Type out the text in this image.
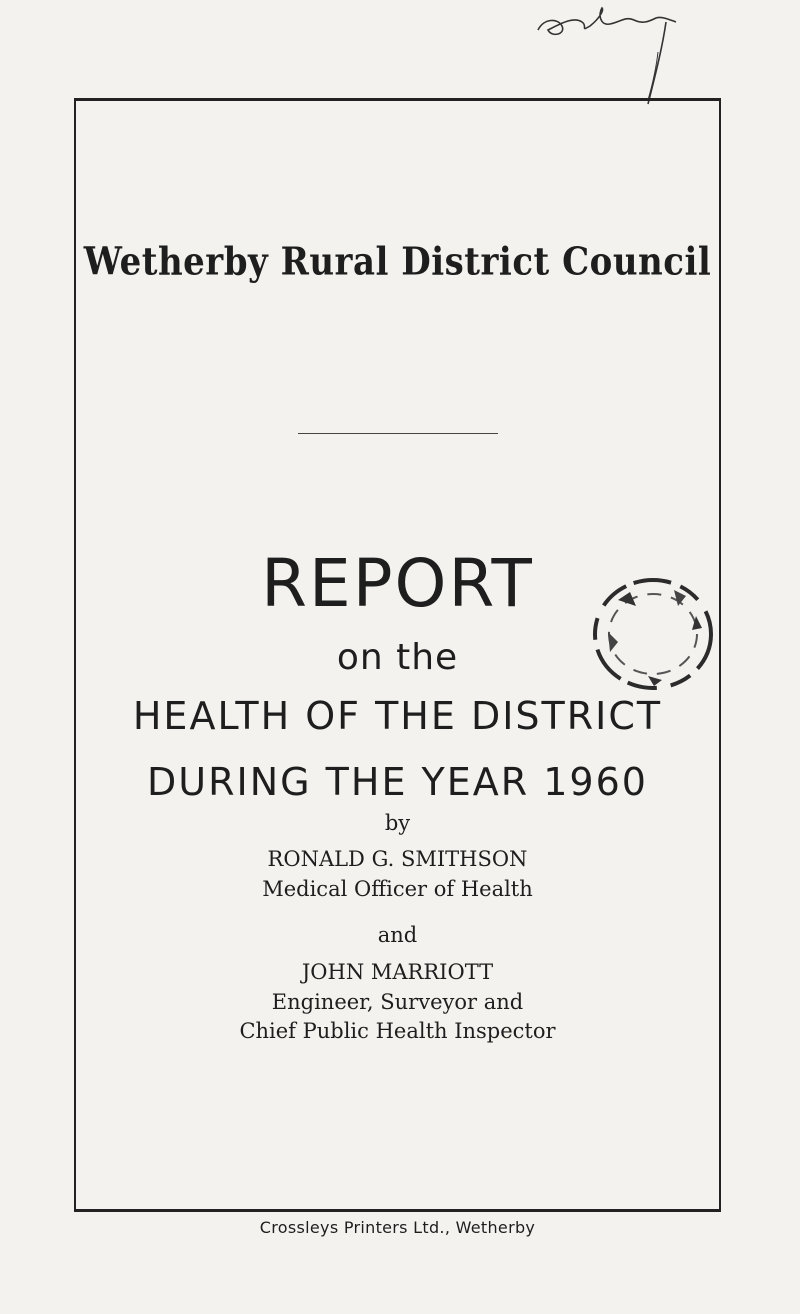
Wetherby Rural District Council
REPORT
on the
HEALTH OF THE DISTRICT
DURING THE YEAR 1960
by
RONALD G. SMITHSON
Medical Officer of Health
and
JOHN MARRIOTT
Engineer, Surveyor and
Chief Public Health Inspector
Crossleys Printers Ltd., Wetherby
